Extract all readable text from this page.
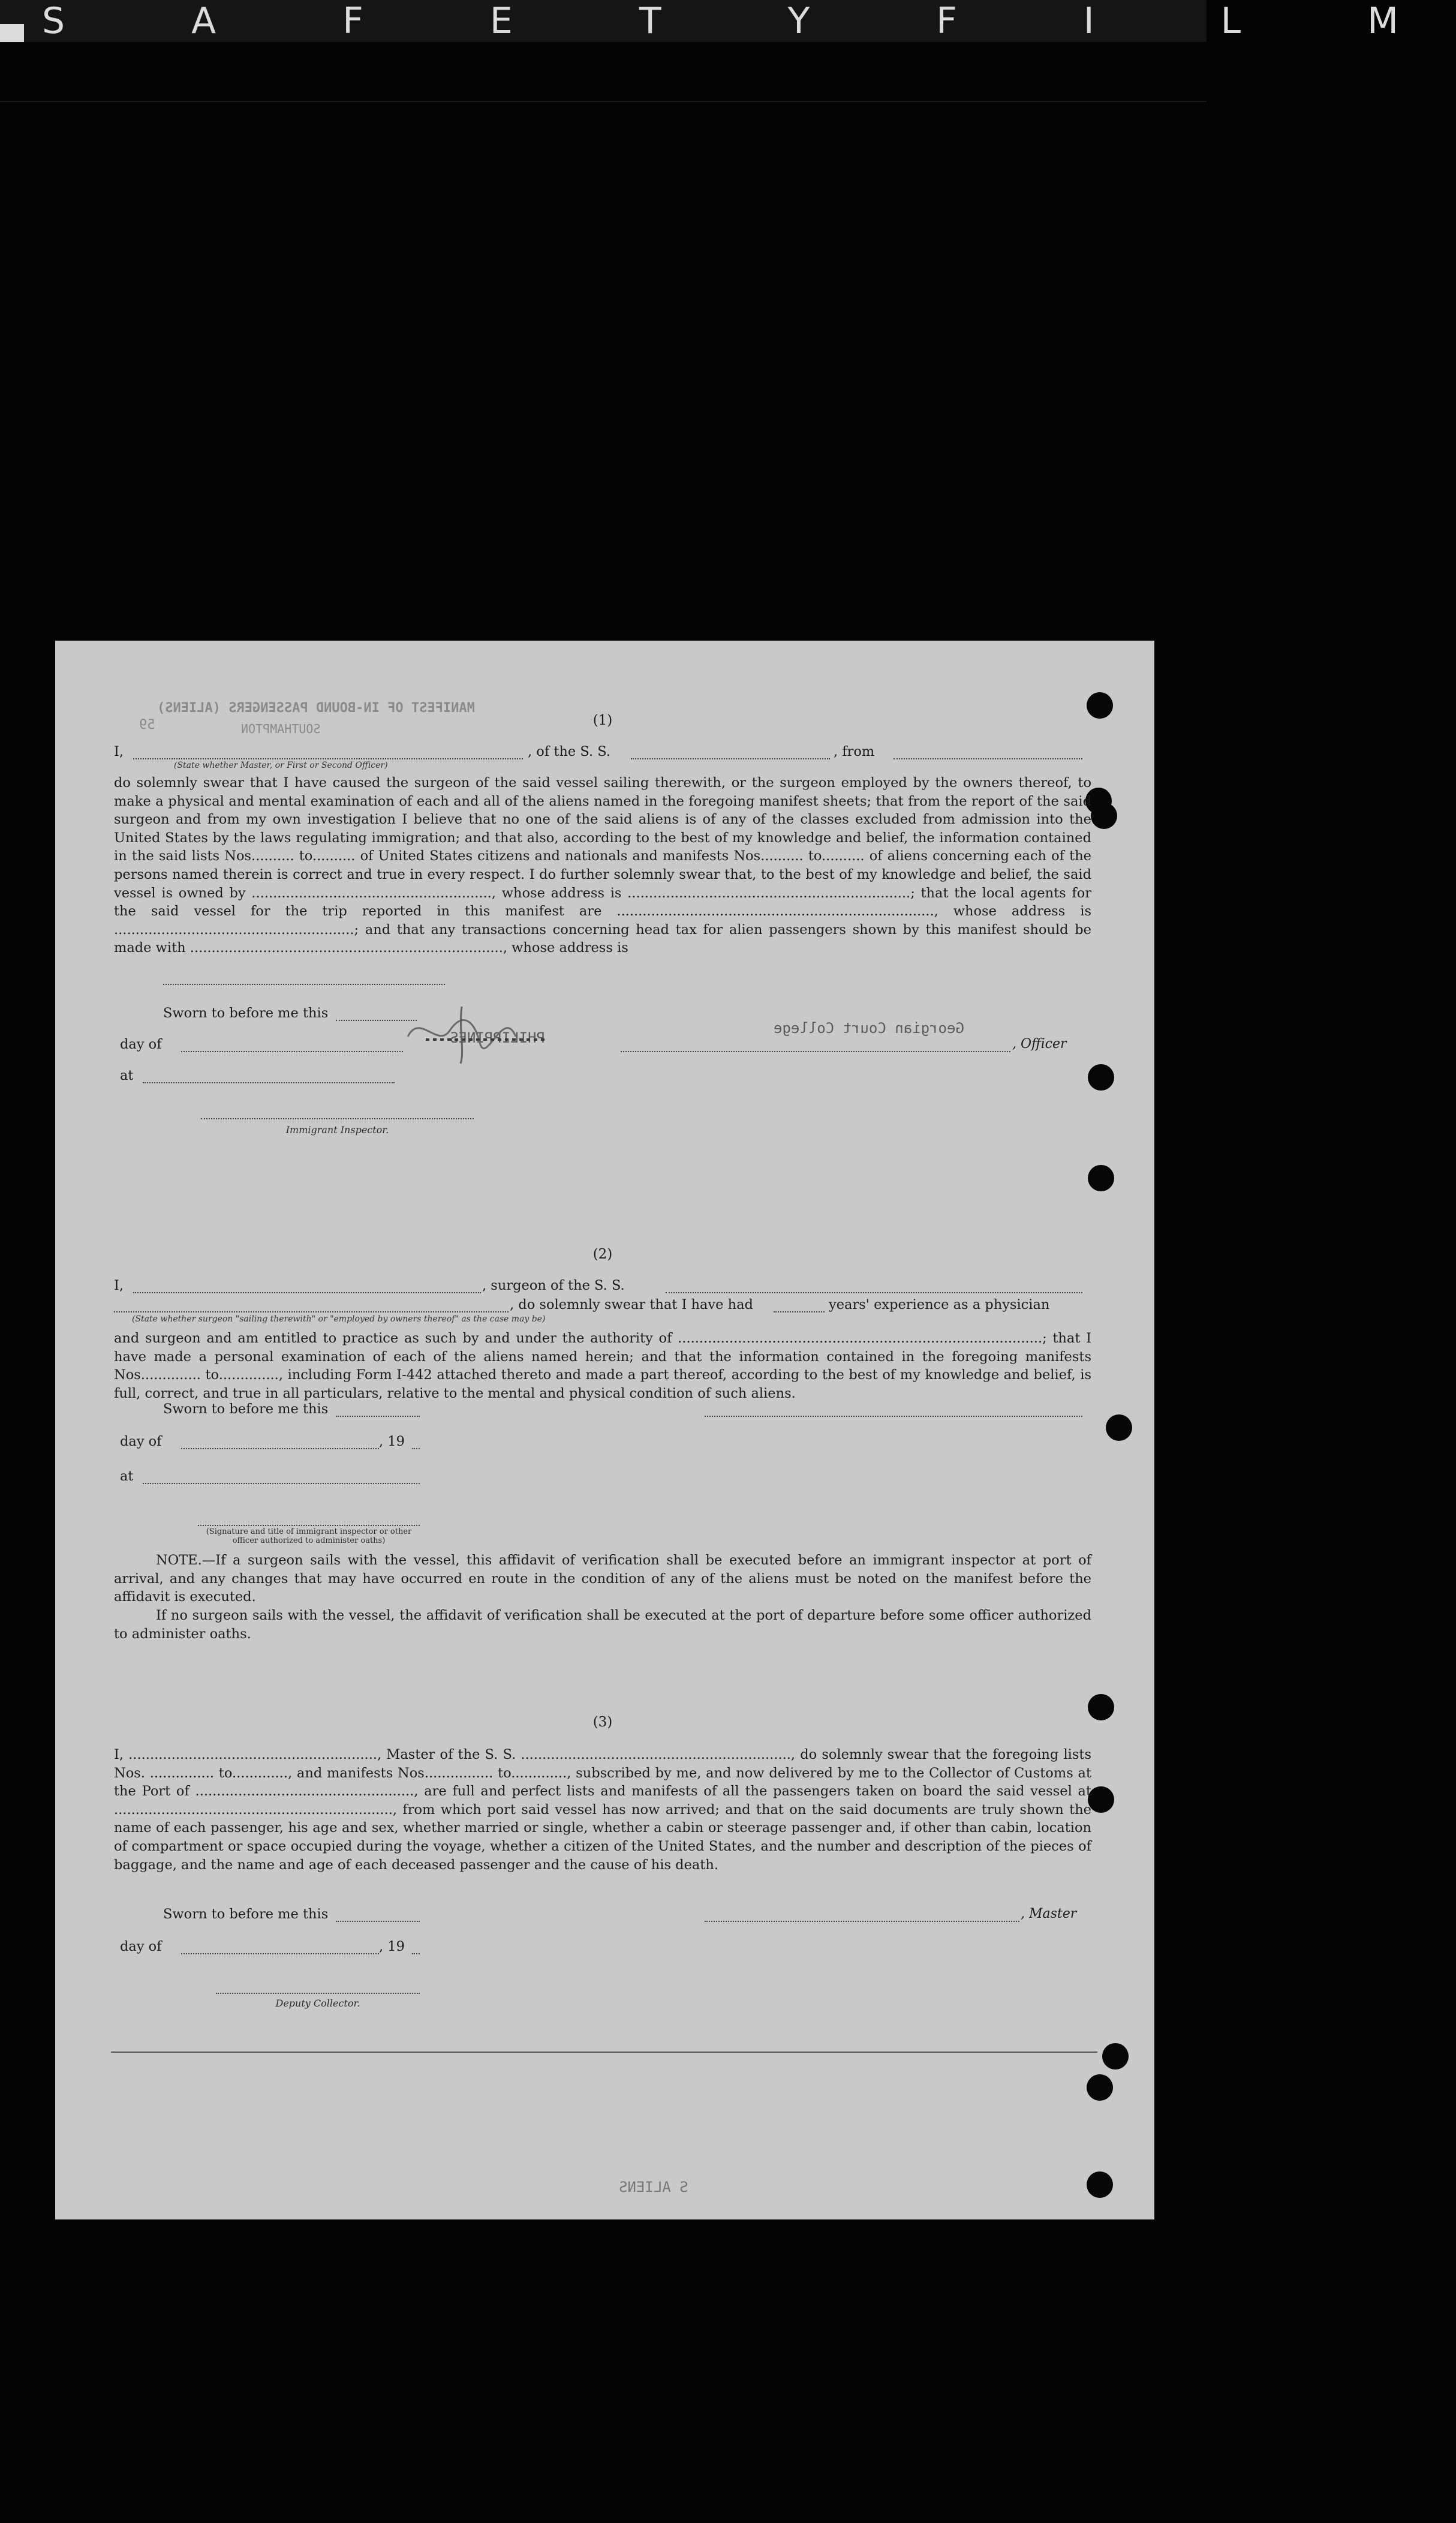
S A F E T Y F I L M
MANIFEST OF IN-BOUND PASSENGERS (ALIENS)
SOUTHAMPTON
59	(1)
I,	, of the S. S.	, from
(State whether Master, or First or Second Officer)
do solemnly swear that I have caused the surgeon of the said vessel sailing therewith, or the surgeon employed by the owners thereof, to make a physical and mental examination of each and all of the aliens named in the foregoing manifest sheets; that from the report of the said surgeon and from my own investigation I believe that no one of the said aliens is of any of the classes excluded from admission into the United States by the laws regulating immigration; and that also, according to the best of my knowledge and belief, the information contained in the said lists Nos.......... to.......... of United States citizens and nationals and manifests Nos.......... to.......... of aliens concerning each of the persons named therein is correct and true in every respect. I do further solemnly swear that, to the best of my knowledge and belief, the said vessel is owned by ........................................................, whose address is ..................................................................; that the local agents for the said vessel for the trip reported in this manifest are .........................................................................., whose address is ........................................................; and that any transactions concerning head tax for alien passengers shown by this manifest should be made with ........................................................................., whose address is
PHILIPPINES
Georgian Court College
Sworn to before me this
day of	, Officer
at
Immigrant Inspector.
(2)
I,	, surgeon of the S. S.
, do solemnly swear that I have had	years' experience as a physician
(State whether surgeon "sailing therewith" or "employed by owners thereof" as the case may be)
and surgeon and am entitled to practice as such by and under the authority of .....................................................................................; that I have made a personal examination of each of the aliens named herein; and that the information contained in the foregoing manifests Nos.............. to.............., including Form I-442 attached thereto and made a part thereof, according to the best of my knowledge and belief, is full, correct, and true in all particulars, relative to the mental and physical condition of such aliens.
Sworn to before me this
day of	, 19
at
(Signature and title of immigrant inspector or other officer authorized to administer oaths)
NOTE.—If a surgeon sails with the vessel, this affidavit of verification shall be executed before an immigrant inspector at port of arrival, and any changes that may have occurred en route in the condition of any of the aliens must be noted on the manifest before the affidavit is executed.
If no surgeon sails with the vessel, the affidavit of verification shall be executed at the port of departure before some officer authorized to administer oaths.
(3)
I, .........................................................., Master of the S. S. ..............................................................., do solemnly swear that the foregoing lists Nos. ............... to............., and manifests Nos................ to............., subscribed by me, and now delivered by me to the Collector of Customs at the Port of ..................................................., are full and perfect lists and manifests of all the passengers taken on board the said vessel at ................................................................., from which port said vessel has now arrived; and that on the said documents are truly shown the name of each passenger, his age and sex, whether married or single, whether a cabin or steerage passenger and, if other than cabin, location of compartment or space occupied during the voyage, whether a citizen of the United States, and the number and description of the pieces of baggage, and the name and age of each deceased passenger and the cause of his death.
Sworn to before me this	, Master
day of	, 19
Deputy Collector.
S ALIENS
